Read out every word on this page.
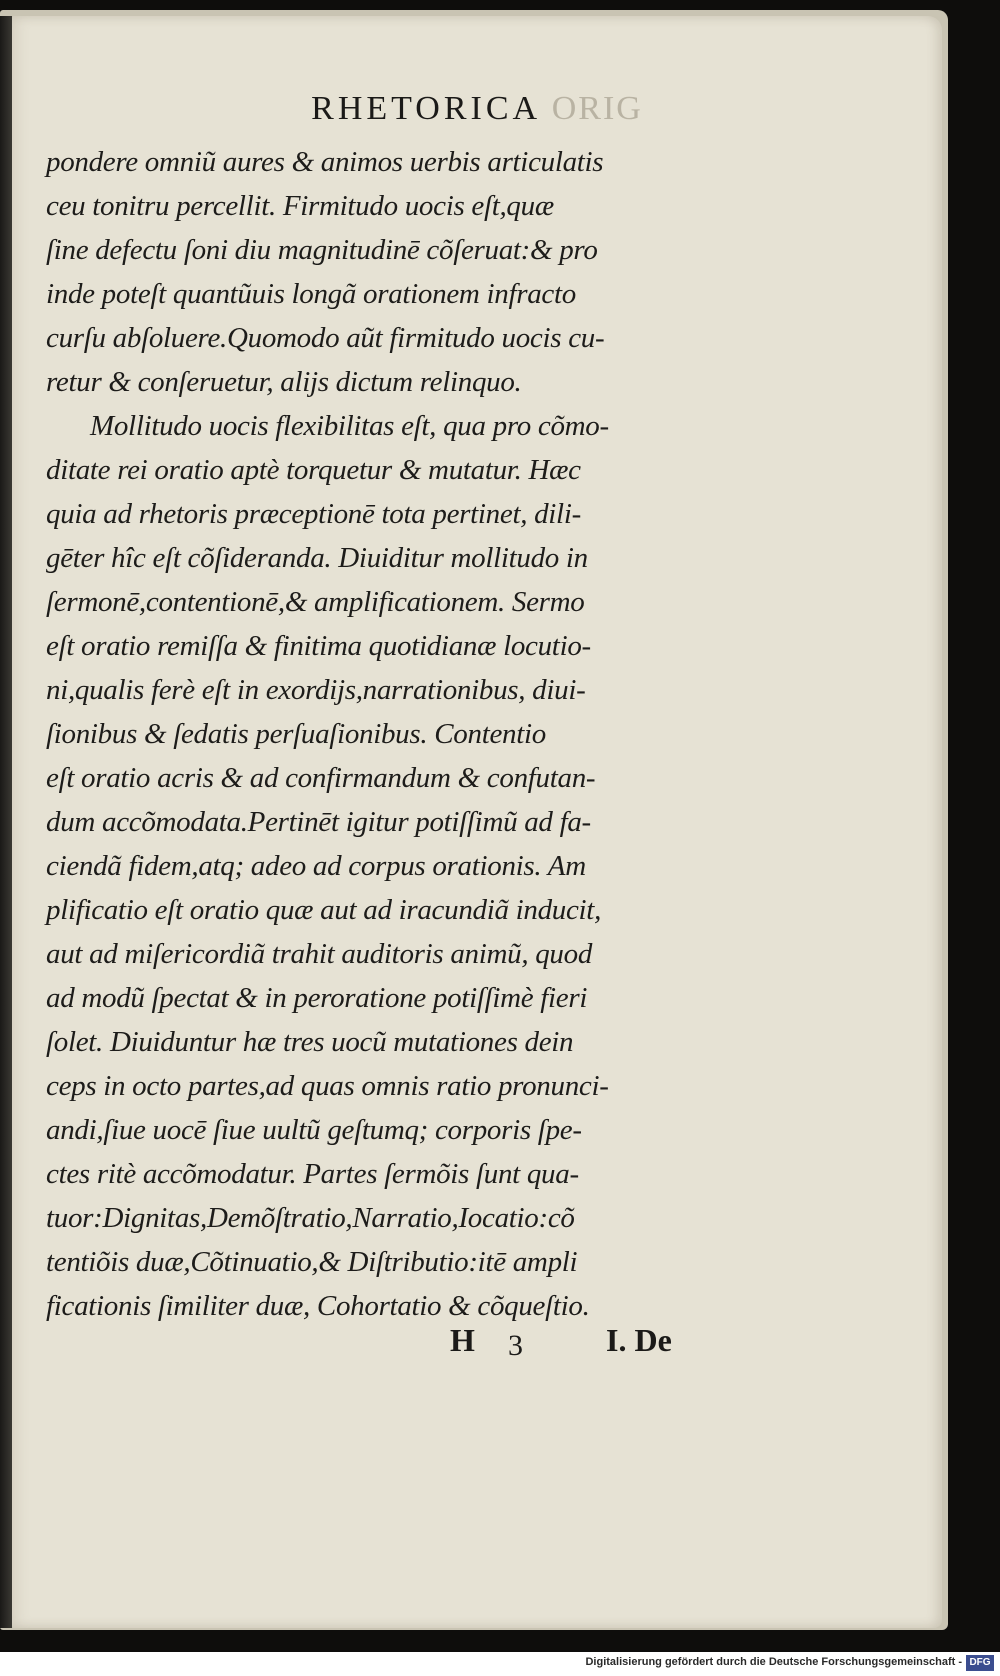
RHETORICA ORIG
pondere omniũ aures & animos uerbis articulatis
ceu tonitru percellit. Firmitudo uocis eſt,quæ
ſine defectu ſoni diu magnitudinē cõſeruat:& pro
inde poteſt quantũuis longã orationem infracto
curſu abſoluere.Quomodo aũt firmitudo uocis cu-
retur & conſeruetur, alijs dictum relinquo.
Mollitudo uocis flexibilitas eſt, qua pro cõmo-
ditate rei oratio aptè torquetur & mutatur. Hæc
quia ad rhetoris præceptionē tota pertinet, dili-
gēter hîc eſt cõſideranda. Diuiditur mollitudo in
ſermonē,contentionē,& amplificationem. Sermo
eſt oratio remiſſa & finitima quotidianæ locutio-
ni,qualis ferè eſt in exordijs,narrationibus, diui-
ſionibus & ſedatis perſuaſionibus. Contentio
eſt oratio acris & ad confirmandum & confutan-
dum accõmodata.Pertinēt igitur potiſſimũ ad fa-
ciendã fidem,atq; adeo ad corpus orationis. Am
plificatio eſt oratio quæ aut ad iracundiã inducit,
aut ad miſericordiã trahit auditoris animũ, quod
ad modũ ſpectat & in peroratione potiſſimè fieri
ſolet. Diuiduntur hæ tres uocũ mutationes dein
ceps in octo partes,ad quas omnis ratio pronunci-
andi,ſiue uocē ſiue uultũ geſtumq; corporis ſpe-
ctes ritè accõmodatur. Partes ſermõis ſunt qua-
tuor:Dignitas,Demõſtratio,Narratio,Iocatio:cõ
tentiõis duæ,Cõtinuatio,& Diſtributio:itē ampli
ficationis ſimiliter duæ, Cohortatio & cõqueſtio.
H 3	I. De
Digitalisierung gefördert durch die Deutsche Forschungsgemeinschaft - DFG
